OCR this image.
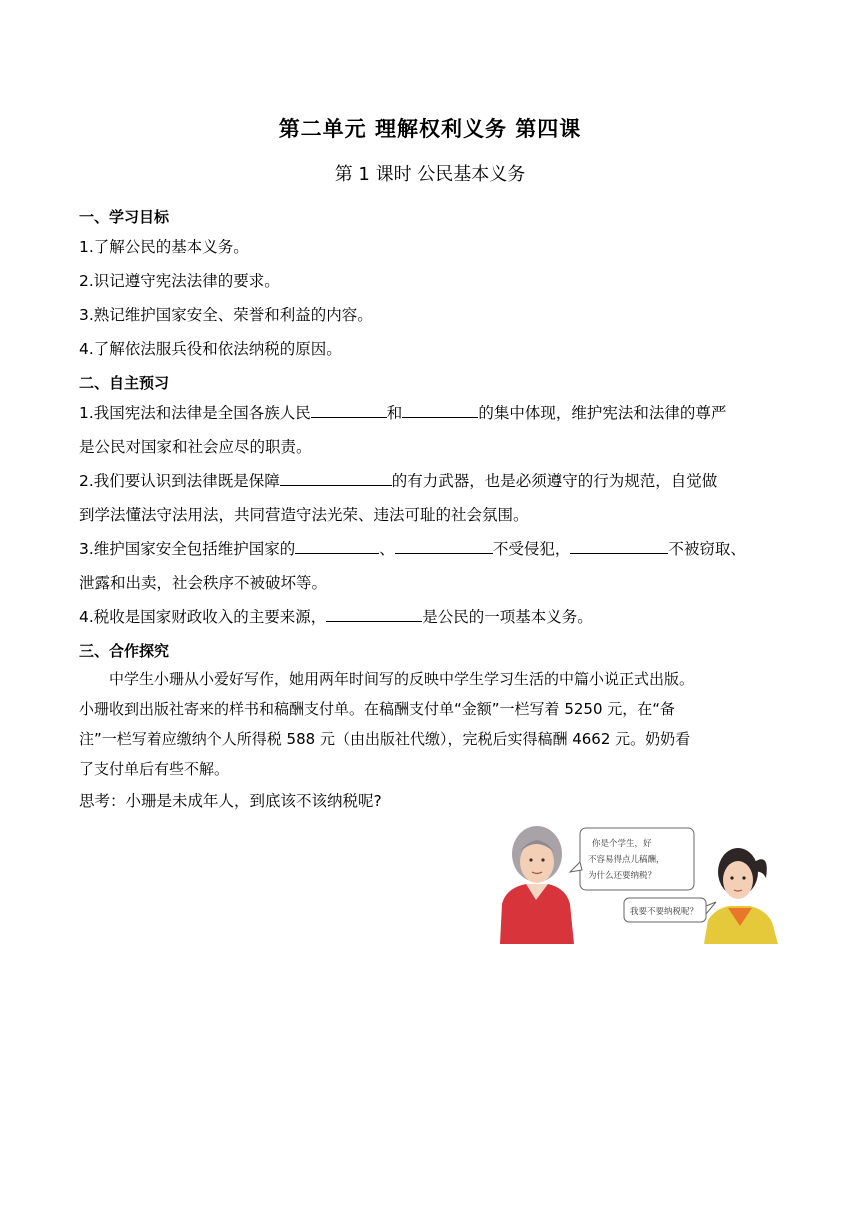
第二单元 理解权利义务 第四课
第 1 课时 公民基本义务
一、学习目标
1.了解公民的基本义务。
2.识记遵守宪法法律的要求。
3.熟记维护国家安全、荣誉和利益的内容。
4.了解依法服兵役和依法纳税的原因。
二、自主预习
1.我国宪法和法律是全国各族人民	和	的集中体现，维护宪法和法律的尊严
是公民对国家和社会应尽的职责。
2.我们要认识到法律既是保障	的有力武器，也是必须遵守的行为规范，自觉做
到学法懂法守法用法，共同营造守法光荣、违法可耻的社会氛围。
3.维护国家安全包括维护国家的	、	不受侵犯，	不被窃取、
泄露和出卖，社会秩序不被破坏等。
4.税收是国家财政收入的主要来源，	是公民的一项基本义务。
三、合作探究
中学生小珊从小爱好写作，她用两年时间写的反映中学生学习生活的中篇小说正式出版。
小珊收到出版社寄来的样书和稿酬支付单。在稿酬支付单“金额”一栏写着 5250 元，在“备
注”一栏写着应缴纳个人所得税 588 元（由出版社代缴），完税后实得稿酬 4662 元。奶奶看
了支付单后有些不解。
思考：小珊是未成年人，到底该不该纳税呢?
你是个学生，好
不容易得点儿稿酬，
为什么还要纳税？
我要不要纳税呢？
